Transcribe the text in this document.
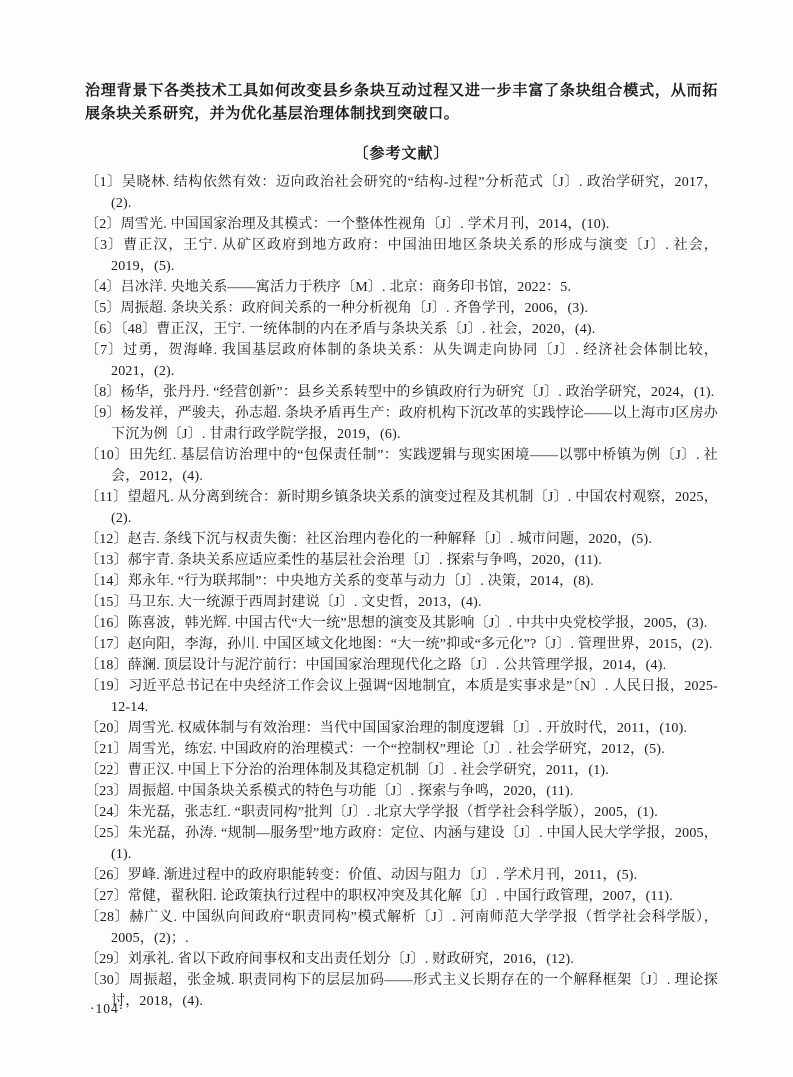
治理背景下各类技术工具如何改变县乡条块互动过程又进一步丰富了条块组合模式，从而拓展条块关系研究，并为优化基层治理体制找到突破口。

〔参考文献〕
〔1〕吴晓林. 结构依然有效：迈向政治社会研究的“结构-过程”分析范式〔J〕. 政治学研究，2017，(2).
〔2〕周雪光. 中国国家治理及其模式：一个整体性视角〔J〕. 学术月刊，2014，(10).
〔3〕曹正汉，王宁. 从矿区政府到地方政府：中国油田地区条块关系的形成与演变〔J〕. 社会，2019，(5).
〔4〕吕冰洋. 央地关系——寓活力于秩序〔M〕. 北京：商务印书馆，2022：5.
〔5〕周振超. 条块关系：政府间关系的一种分析视角〔J〕. 齐鲁学刊，2006，(3).
〔6〕〔48〕曹正汉，王宁. 一统体制的内在矛盾与条块关系〔J〕. 社会，2020，(4).
〔7〕过勇，贺海峰. 我国基层政府体制的条块关系：从失调走向协同〔J〕. 经济社会体制比较，2021，(2).
〔8〕杨华，张丹丹. “经营创新”：县乡关系转型中的乡镇政府行为研究〔J〕. 政治学研究，2024，(1).
〔9〕杨发祥，严骏夫，孙志超. 条块矛盾再生产：政府机构下沉改革的实践悖论——以上海市J区房办下沉为例〔J〕. 甘肃行政学院学报，2019，(6).
〔10〕田先红. 基层信访治理中的“包保责任制”：实践逻辑与现实困境——以鄂中桥镇为例〔J〕. 社会，2012，(4).
〔11〕望超凡. 从分离到统合：新时期乡镇条块关系的演变过程及其机制〔J〕. 中国农村观察，2025，(2).
〔12〕赵吉. 条线下沉与权责失衡：社区治理内卷化的一种解释〔J〕. 城市问题，2020，(5).
〔13〕郝宇青. 条块关系应适应柔性的基层社会治理〔J〕. 探索与争鸣，2020，(11).
〔14〕郑永年. “行为联邦制”：中央地方关系的变革与动力〔J〕. 决策，2014，(8).
〔15〕马卫东. 大一统源于西周封建说〔J〕. 文史哲，2013，(4).
〔16〕陈喜波，韩光辉. 中国古代“大一统”思想的演变及其影响〔J〕. 中共中央党校学报，2005，(3).
〔17〕赵向阳，李海，孙川. 中国区域文化地图：“大一统”抑或“多元化”?〔J〕. 管理世界，2015，(2).
〔18〕薛澜. 顶层设计与泥泞前行：中国国家治理现代化之路〔J〕. 公共管理学报，2014，(4).
〔19〕习近平总书记在中央经济工作会议上强调“因地制宜，本质是实事求是”〔N〕. 人民日报，2025-12-14.
〔20〕周雪光. 权威体制与有效治理：当代中国国家治理的制度逻辑〔J〕. 开放时代，2011，(10).
〔21〕周雪光，练宏. 中国政府的治理模式：一个“控制权”理论〔J〕. 社会学研究，2012，(5).
〔22〕曹正汉. 中国上下分治的治理体制及其稳定机制〔J〕. 社会学研究，2011，(1).
〔23〕周振超. 中国条块关系模式的特色与功能〔J〕. 探索与争鸣，2020，(11).
〔24〕朱光磊，张志红. “职责同构”批判〔J〕. 北京大学学报（哲学社会科学版），2005，(1).
〔25〕朱光磊，孙涛. “规制—服务型”地方政府：定位、内涵与建设〔J〕. 中国人民大学学报，2005，(1).
〔26〕罗峰. 渐进过程中的政府职能转变：价值、动因与阻力〔J〕. 学术月刊，2011，(5).
〔27〕常健，翟秋阳. 论政策执行过程中的职权冲突及其化解〔J〕. 中国行政管理，2007，(11).
〔28〕赫广义. 中国纵向间政府“职责同构”模式解析〔J〕. 河南师范大学学报（哲学社会科学版），2005，(2)；.
〔29〕刘承礼. 省以下政府间事权和支出责任划分〔J〕. 财政研究，2016，(12).
〔30〕周振超，张金城. 职责同构下的层层加码——形式主义长期存在的一个解释框架〔J〕. 理论探讨，2018，(4).
·104·
